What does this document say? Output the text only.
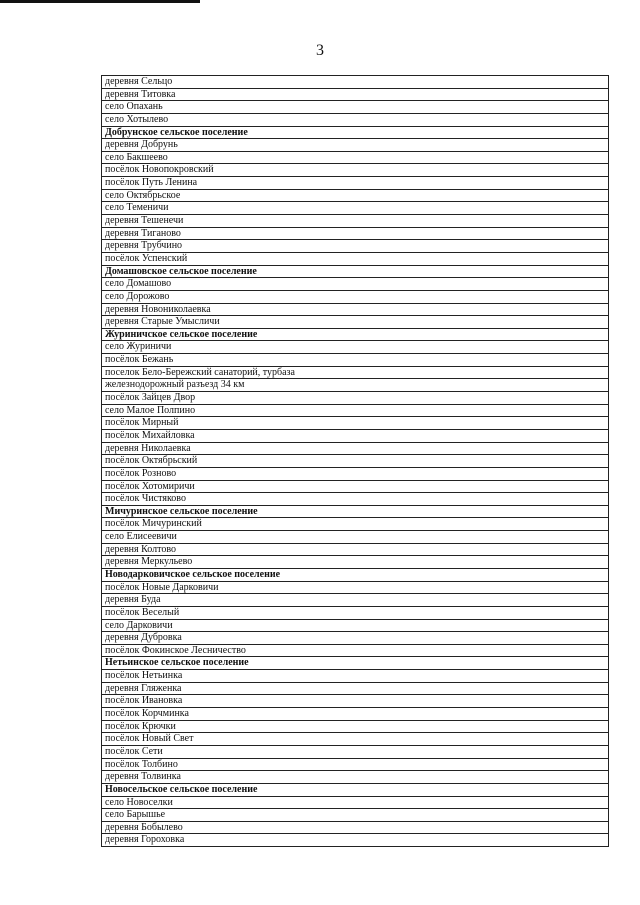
3
деревня Сельцо
деревня Титовка
село Опахань
село Хотылево
Добрунское сельское поселение
деревня Добрунь
село Бакшеево
посёлок Новопокровский
посёлок Путь Ленина
село Октябрьское
село Теменичи
деревня Тешенечи
деревня Тиганово
деревня Трубчино
посёлок Успенский
Домашовское сельское поселение
село Домашово
село Дорожово
деревня Новониколаевка
деревня Старые Умысличи
Журиничское сельское поселение
село Журиничи
посёлок Бежань
поселок Бело-Бережский санаторий, турбаза
железнодорожный разъезд 34 км
посёлок Зайцев Двор
село Малое Полпино
посёлок Мирный
посёлок Михайловка
деревня Николаевка
посёлок Октябрьский
посёлок Рознов​о
посёлок Хотомиричи
посёлок Чистяково
Мичуринское сельское поселение
посёлок Мичуринский
село Елисеевичи
деревня Колтово
деревня Меркульево
Новодарковичское сельское поселение
посёлок Новые Дарковичи
деревня Буда
посёлок Веселый
село Дарковичи
деревня Дубровка
посёлок Фокинское Лесничество
Нетьинское сельское поселение
посёлок Нетьинка
деревня Гляженка
посёлок Ивановка
посёлок Корчминка
посёлок Крючки
посёлок Новый Свет
посёлок Сети
посёлок Толбино
деревня Толвинка
Новосельское сельское поселение
село Новоселки
село Барышье
деревня Бобылево
деревня Гороховка
